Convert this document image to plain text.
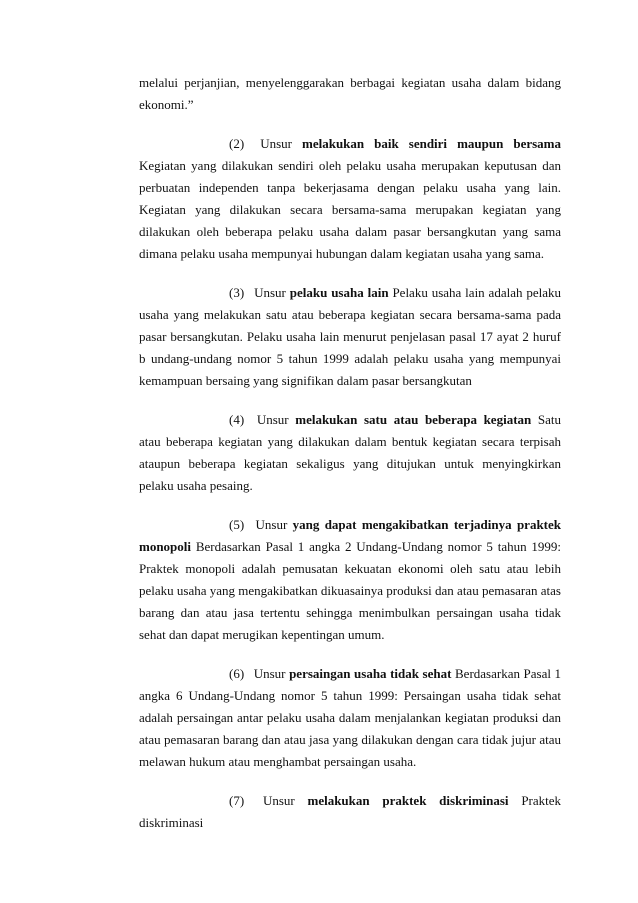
melalui perjanjian, menyelenggarakan berbagai kegiatan usaha dalam bidang ekonomi.”

(2) Unsur melakukan baik sendiri maupun bersama Kegiatan yang dilakukan sendiri oleh pelaku usaha merupakan keputusan dan perbuatan independen tanpa bekerjasama dengan pelaku usaha yang lain. Kegiatan yang dilakukan secara bersama-sama merupakan kegiatan yang dilakukan oleh beberapa pelaku usaha dalam pasar bersangkutan yang sama dimana pelaku usaha mempunyai hubungan dalam kegiatan usaha yang sama.

(3) Unsur pelaku usaha lain Pelaku usaha lain adalah pelaku usaha yang melakukan satu atau beberapa kegiatan secara bersama-sama pada pasar bersangkutan. Pelaku usaha lain menurut penjelasan pasal 17 ayat 2 huruf b undang-undang nomor 5 tahun 1999 adalah pelaku usaha yang mempunyai kemampuan bersaing yang signifikan dalam pasar bersangkutan

(4) Unsur melakukan satu atau beberapa kegiatan Satu atau beberapa kegiatan yang dilakukan dalam bentuk kegiatan secara terpisah ataupun beberapa kegiatan sekaligus yang ditujukan untuk menyingkirkan pelaku usaha pesaing.

(5) Unsur yang dapat mengakibatkan terjadinya praktek monopoli Berdasarkan Pasal 1 angka 2 Undang-Undang nomor 5 tahun 1999: Praktek monopoli adalah pemusatan kekuatan ekonomi oleh satu atau lebih pelaku usaha yang mengakibatkan dikuasainya produksi dan atau pemasaran atas barang dan atau jasa tertentu sehingga menimbulkan persaingan usaha tidak sehat dan dapat merugikan kepentingan umum.

(6) Unsur persaingan usaha tidak sehat Berdasarkan Pasal 1 angka 6 Undang-Undang nomor 5 tahun 1999: Persaingan usaha tidak sehat adalah persaingan antar pelaku usaha dalam menjalankan kegiatan produksi dan atau pemasaran barang dan atau jasa yang dilakukan dengan cara tidak jujur atau melawan hukum atau menghambat persaingan usaha.

(7) Unsur melakukan praktek diskriminasi Praktek diskriminasi
